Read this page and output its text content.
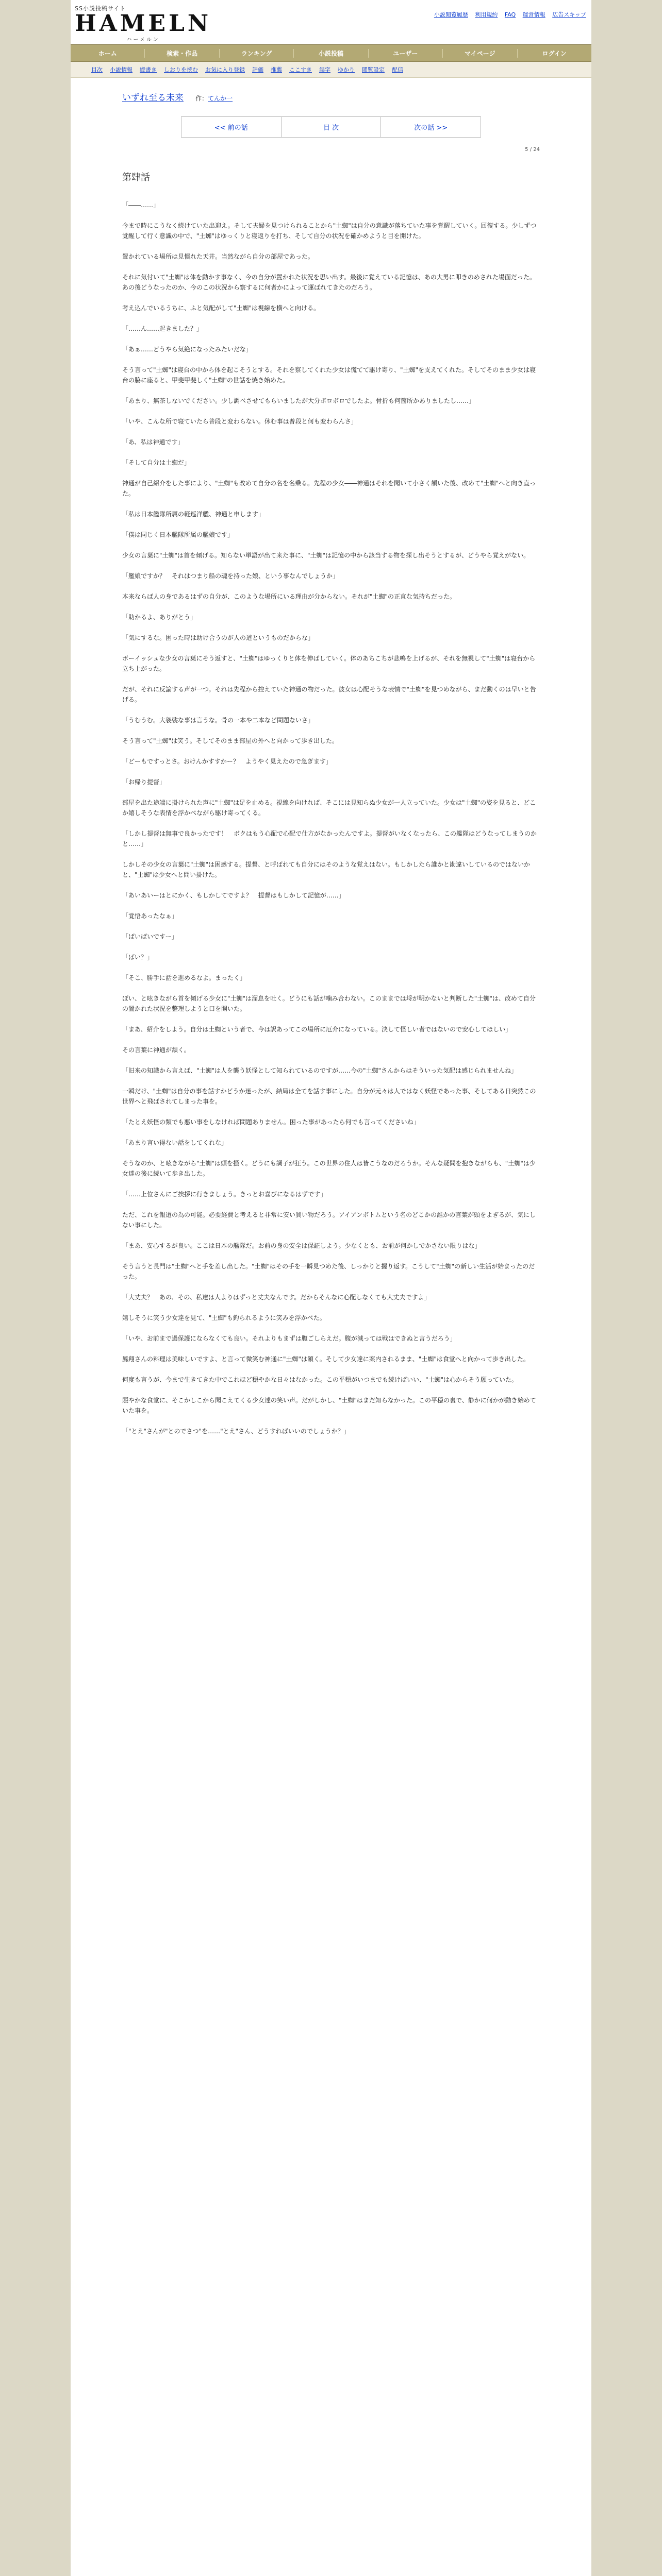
SS小説投稿サイト
HAMELN
ハーメルン
小説閲覧履歴 利用規約 FAQ 運営情報 広告スキップ
ホーム	検索・作品	ランキング	小説投稿	ユーザー	マイページ	ログイン
目次 小説情報 縦書き しおりを挟む お気に入り登録 評価 推薦 ここすき 誤字 ゆかり 閲覧設定 配信
いずれ至る未来 作：てんか一
<< 前の話	目 次	次の話 >>
5 / 24
第肆話

「――……」

今まで時にこうなく続けていた出迎え。そして夫婦を見つけられることから"土蜘"は自分の意識が落ちていた事を覚醒していく。回復する。少しずつ覚醒して行く意識の中で、"土蜘"はゆっくりと寝返りを打ち、そして自分の状況を確かめようと目を開けた。

置かれている場所は見慣れた天井。当然ながら自分の部屋であった。

それに気付いて"土蜘"は体を動かす事なく、今の自分が置かれた状況を思い出す。最後に覚えている記憶は、あの大男に叩きのめされた場面だった。あの後どうなったのか、今のこの状況から察するに何者かによって運ばれてきたのだろう。

考え込んでいるうちに、ふと気配がして"土蜘"は視線を横へと向ける。

「……ん……起きました？」

「あぁ……どうやら気絶になったみたいだな」

そう言って"土蜘"は寝台の中から体を起こそうとする。それを察してくれた少女は慌てて駆け寄り、"土蜘"を支えてくれた。そしてそのまま少女は寝台の脇に座ると、甲斐甲斐しく"土蜘"の世話を焼き始めた。

「あまり、無茶しないでください。少し調べさせてもらいましたが大分ボロボロでしたよ。骨折も何箇所かありましたし……」

「いや、こんな所で寝ていたら普段と変わらない。休む事は普段と何も変わらんさ」

「あ、私は神通です」

「そして自分は土蜘だ」

神通が自己紹介をした事により、"土蜘"も改めて自分の名を名乗る。先程の少女――神通はそれを聞いて小さく頷いた後、改めて"土蜘"へと向き直った。

「私は日本艦隊所属の軽巡洋艦、神通と申します」

「僕は同じく日本艦隊所属の艦娘です」

少女の言葉に"土蜘"は首を傾げる。知らない単語が出て来た事に、"土蜘"は記憶の中から該当する物を探し出そうとするが、どうやら覚えがない。

「艦娘ですか？　それはつまり船の魂を持った娘、という事なんでしょうか」

本来ならば人の身であるはずの自分が、このような場所にいる理由が分からない。それが"土蜘"の正直な気持ちだった。

「助かるよ、ありがとう」

「気にするな。困った時は助け合うのが人の道というものだからな」

ボーイッシュな少女の言葉にそう返すと、"土蜘"はゆっくりと体を伸ばしていく。体のあちこちが悲鳴を上げるが、それを無視して"土蜘"は寝台から立ち上がった。

だが、それに反論する声が一つ。それは先程から控えていた神通の物だった。彼女は心配そうな表情で"土蜘"を見つめながら、まだ動くのは早いと告げる。

「うむうむ。大袈裟な事は言うな。骨の一本や二本など問題ないさ」

そう言って"土蜘"は笑う。そしてそのまま部屋の外へと向かって歩き出した。

「どーもですっとさ。おけんかすすかー？　ようやく見えたので急ぎます」

「お帰り提督」

部屋を出た途端に掛けられた声に"土蜘"は足を止める。視線を向ければ、そこには見知らぬ少女が一人立っていた。少女は"土蜘"の姿を見ると、どこか嬉しそうな表情を浮かべながら駆け寄ってくる。

「しかし提督は無事で良かったです！　ボクはもう心配で心配で仕方がなかったんですよ。提督がいなくなったら、この艦隊はどうなってしまうのかと……」

しかしその少女の言葉に"土蜘"は困惑する。提督、と呼ばれても自分にはそのような覚えはない。もしかしたら誰かと勘違いしているのではないかと、"土蜘"は少女へと問い掛けた。

「あいあいーはとにかく、もしかしてですよ？　提督はもしかして記憶が……」

「覚悟あったなぁ」

「ばいばいですー」

「ばい？」

「そこ、勝手に話を進めるなよ。まったく」

ぽい、と呟きながら首を傾げる少女に"土蜘"は溜息を吐く。どうにも話が噛み合わない。このままでは埒が明かないと判断した"土蜘"は、改めて自分の置かれた状況を整理しようと口を開いた。

「まあ、紹介をしよう。自分は土蜘という者で、今は訳あってこの場所に厄介になっている。決して怪しい者ではないので安心してほしい」

その言葉に神通が頷く。

「旧来の知識から言えば、"土蜘"は人を襲う妖怪として知られているのですが……今の"土蜘"さんからはそういった気配は感じられませんね」

一瞬だけ、"土蜘"は自分の事を話すかどうか迷ったが、結局は全てを話す事にした。自分が元々は人ではなく妖怪であった事、そしてある日突然この世界へと飛ばされてしまった事を。

「たとえ妖怪の類でも悪い事をしなければ問題ありません。困った事があったら何でも言ってくださいね」

「あまり言い得ない話をしてくれな」

そうなのか、と呟きながら"土蜘"は頭を掻く。どうにも調子が狂う。この世界の住人は皆こうなのだろうか。そんな疑問を抱きながらも、"土蜘"は少女達の後に続いて歩き出した。

「……上位さんにご挨拶に行きましょう。きっとお喜びになるはずです」

ただ、これを報道の為の可能。必要経費と考えると非常に安い買い物だろう。アイアンボトムという名のどこかの誰かの言葉が頭をよぎるが、気にしない事にした。

「まあ、安心するが良い。ここは日本の艦隊だ。お前の身の安全は保証しよう。少なくとも、お前が何かしでかさない限りはな」

そう言うと長門は"土蜘"へと手を差し出した。"土蜘"はその手を一瞬見つめた後、しっかりと握り返す。こうして"土蜘"の新しい生活が始まったのだった。

「大丈夫？　あの、その、私達は人よりはずっと丈夫なんです。だからそんなに心配しなくても大丈夫ですよ」

嬉しそうに笑う少女達を見て、"土蜘"も釣られるように笑みを浮かべた。

「いや、お前まで過保護にならなくても良い。それよりもまずは腹ごしらえだ。腹が減っては戦はできぬと言うだろう」

鳳翔さんの料理は美味しいですよ、と言って微笑む神通に"土蜘"は頷く。そして少女達に案内されるまま、"土蜘"は食堂へと向かって歩き出した。

何度も言うが、今まで生きてきた中でこれほど穏やかな日々はなかった。この平穏がいつまでも続けばいい、"土蜘"は心からそう願っていた。

賑やかな食堂に、そこかしこから聞こえてくる少女達の笑い声。だがしかし、"土蜘"はまだ知らなかった。この平穏の裏で、静かに何かが動き始めていた事を。

「"とえ"さんが"とのでさつ"を……"とえ"さん、どうすればいいのでしょうか？」
